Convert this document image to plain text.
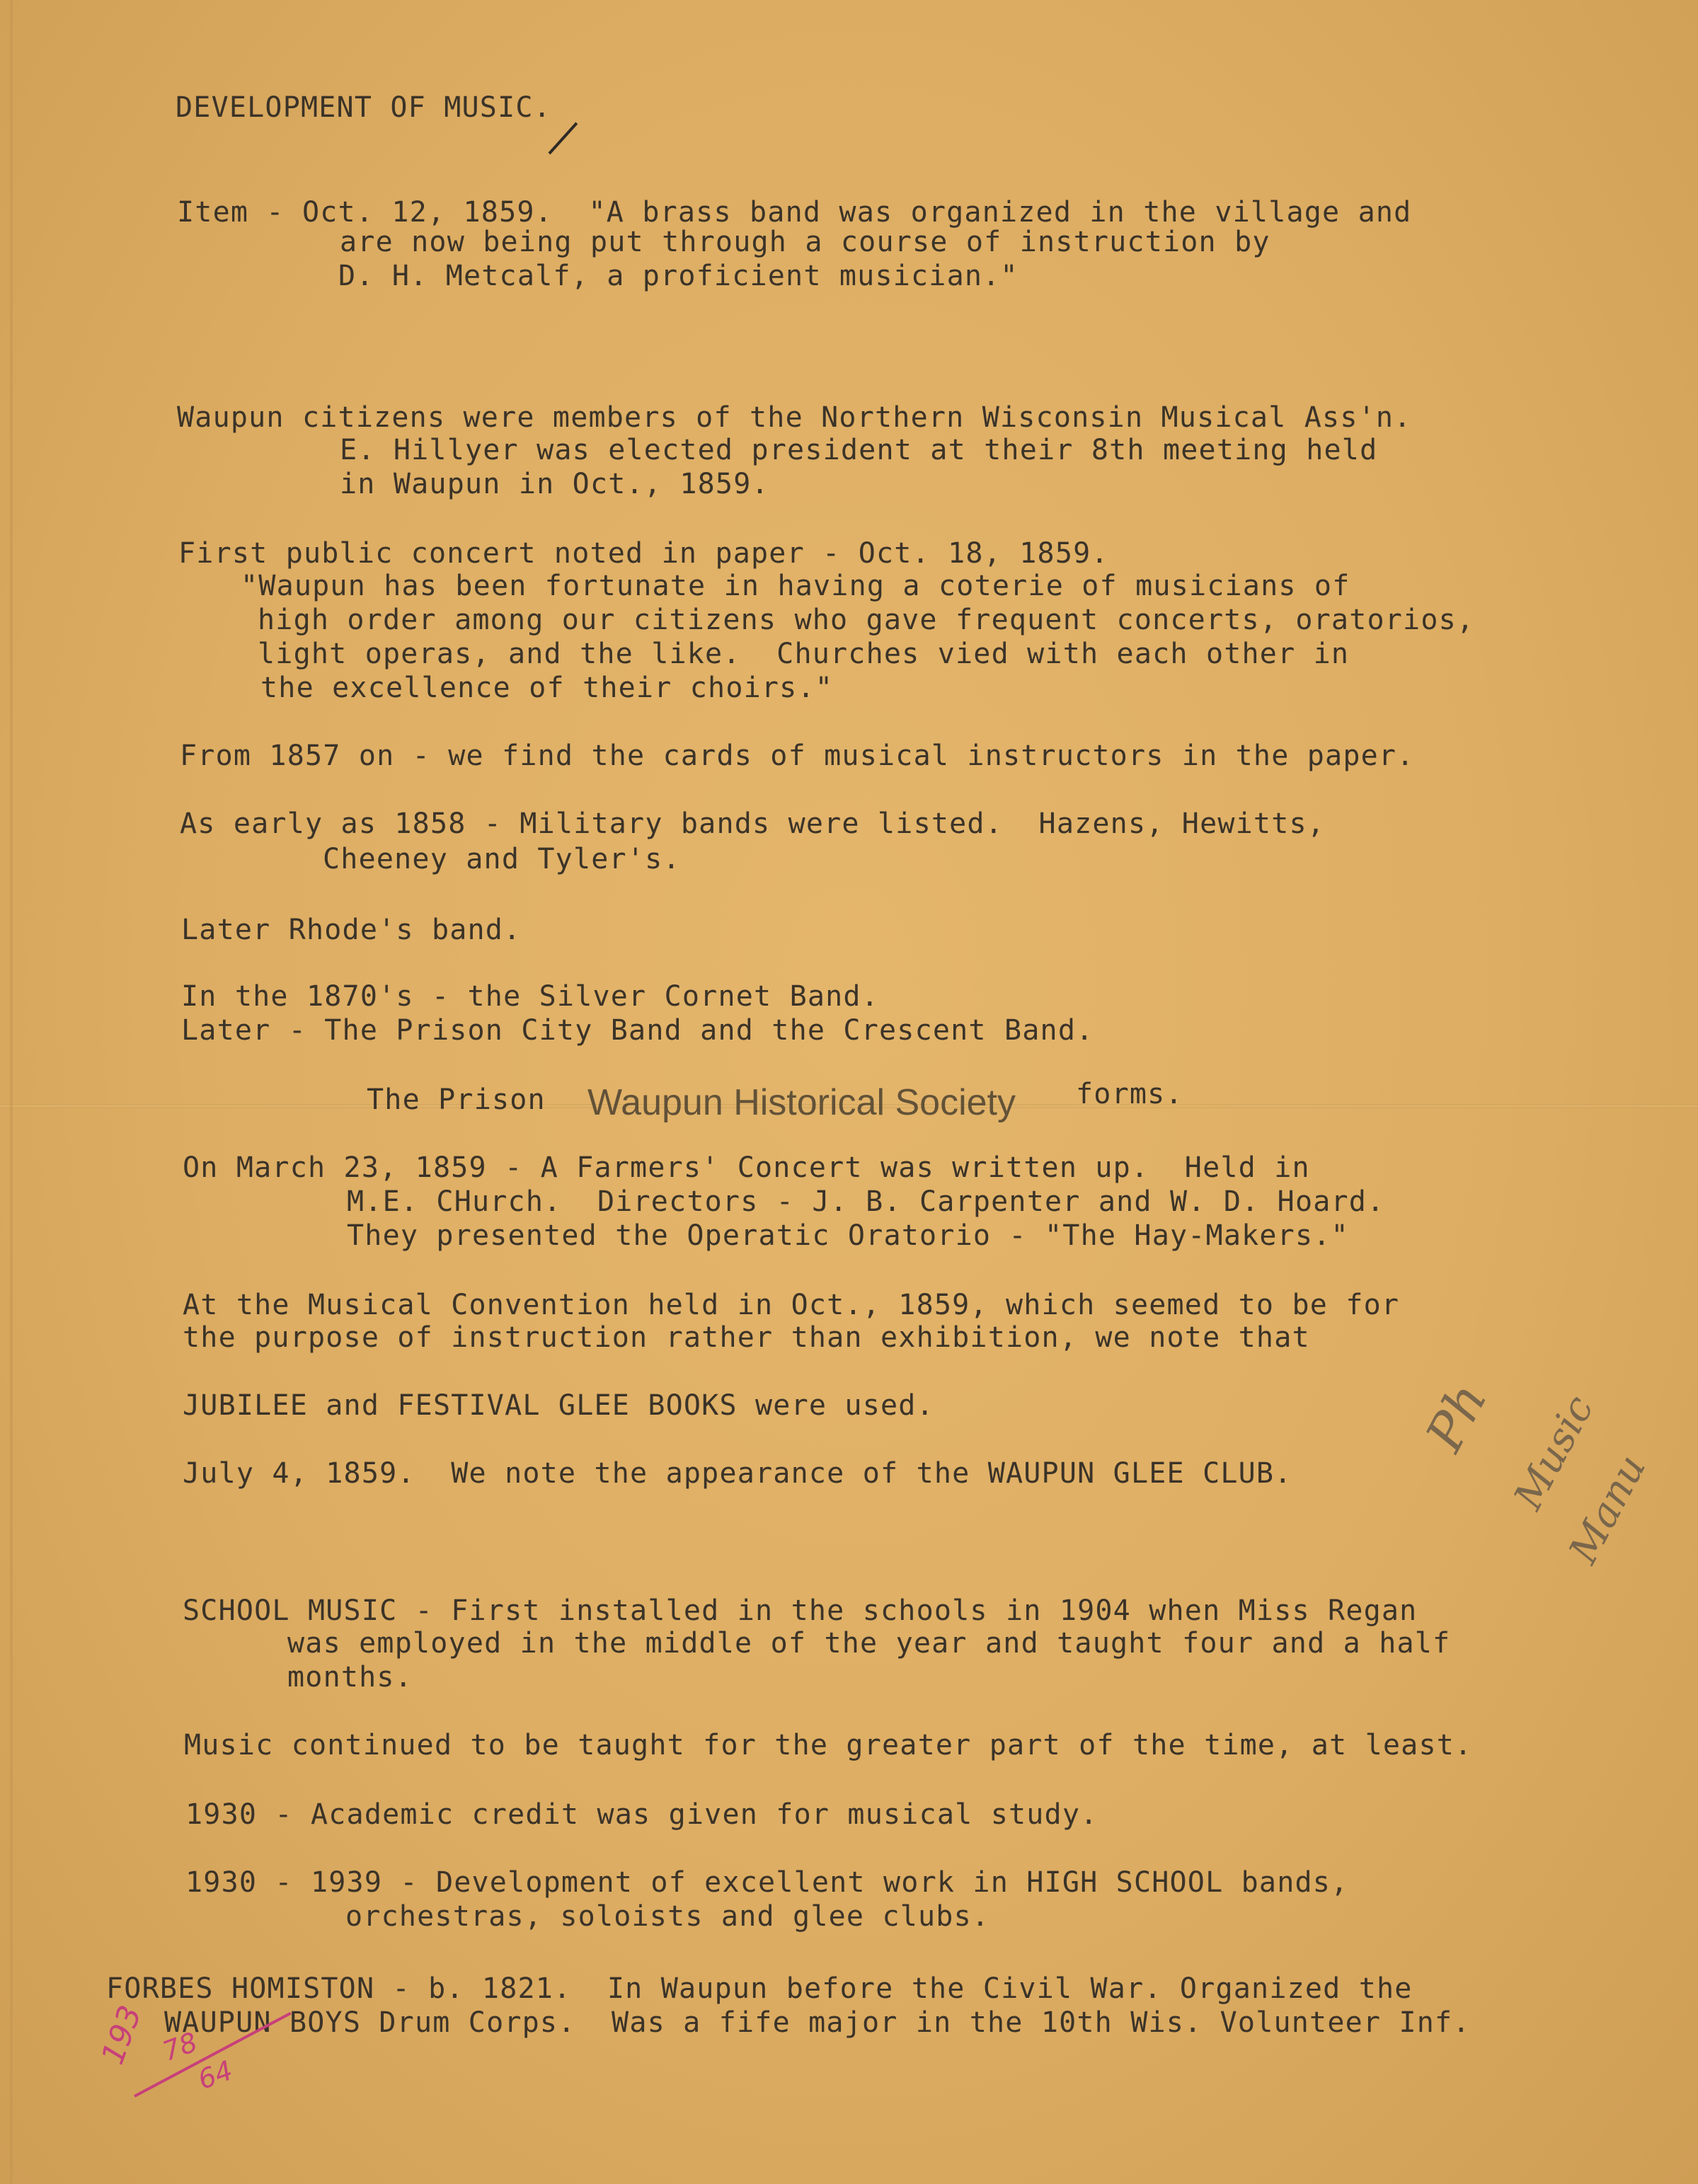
DEVELOPMENT OF MUSIC.
Item - Oct. 12, 1859.  "A brass band was organized in the village and
are now being put through a course of instruction by
D. H. Metcalf, a proficient musician."
Waupun citizens were members of the Northern Wisconsin Musical Ass'n.
E. Hillyer was elected president at their 8th meeting held
in Waupun in Oct., 1859.
First public concert noted in paper - Oct. 18, 1859.
"Waupun has been fortunate in having a coterie of musicians of
high order among our citizens who gave frequent concerts, oratorios,
light operas, and the like.  Churches vied with each other in
the excellence of their choirs."
From 1857 on - we find the cards of musical instructors in the paper.
As early as 1858 - Military bands were listed.  Hazens, Hewitts,
Cheeney and Tyler's.
Later Rhode's band.
In the 1870's - the Silver Cornet Band.
Later - The Prison City Band and the Crescent Band.
The Prison Waupun Historical Society forms.
On March 23, 1859 - A Farmers' Concert was written up.  Held in
M.E. CHurch.  Directors - J. B. Carpenter and W. D. Hoard.
They presented the Operatic Oratorio - "The Hay-Makers."
At the Musical Convention held in Oct., 1859, which seemed to be for
the purpose of instruction rather than exhibition, we note that
JUBILEE and FESTIVAL GLEE BOOKS were used.
July 4, 1859.  We note the appearance of the WAUPUN GLEE CLUB.
Ph Music
Manu
SCHOOL MUSIC - First installed in the schools in 1904 when Miss Regan
was employed in the middle of the year and taught four and a half
months.
Music continued to be taught for the greater part of the time, at least.
1930 - Academic credit was given for musical study.
1930 - 1939 - Development of excellent work in HIGH SCHOOL bands,
orchestras, soloists and glee clubs.
FORBES HOMISTON - b. 1821.  In Waupun before the Civil War. Organized the
WAUPUN BOYS Drum Corps.  Was a fife major in the 10th Wis. Volunteer Inf.
193 78
64
